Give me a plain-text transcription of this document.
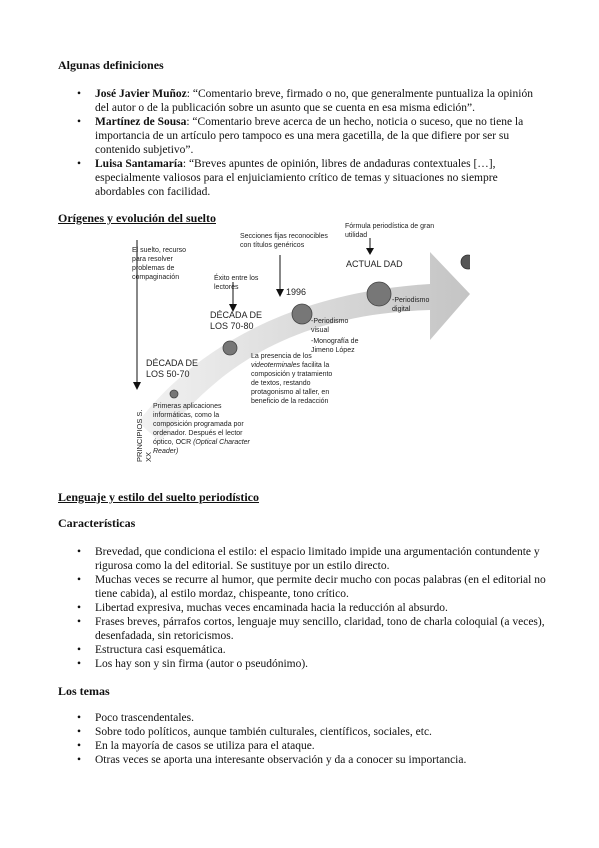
Algunas definiciones
• José Javier Muñoz: “Comentario breve, firmado o no, que generalmente puntualiza la opinión del autor o de la publicación sobre un asunto que se cuenta en esa misma edición”.
• Martínez de Sousa: “Comentario breve acerca de un hecho, noticia o suceso, que no tiene la importancia de un artículo pero tampoco es una mera gacetilla, de la que difiere por ser su contenido subjetivo”.
• Luisa Santamaría: “Breves apuntes de opinión, libres de andaduras contextuales […], especialmente valiosos para el enjuiciamiento crítico de temas y situaciones no siempre abordables con facilidad.
Orígenes y evolución del suelto
PRINCIPIOS S. XX
El suelto, recurso para resolver problemas de compaginación	Éxito entre los lectores
DÉCADA DE LOS 70-80
Secciones fijas reconocibles con títulos genéricos
1996
Fórmula periodística de gran utilidad
ACTUAL DAD
DÉCADA DE LOS 50-70
Primeras aplicaciones informáticas, como la composición programada por ordenador. Después el lector óptico, OCR (Optical Character Reader)
La presencia de los videoterminales facilita la composición y tratamiento de textos, restando protagonismo al taller, en beneficio de la redacción
-Periodismo visual
-Monografía de Jimeno López
-Periodismo digital
Lenguaje y estilo del suelto periodístico
Características
• Brevedad, que condiciona el estilo: el espacio limitado impide una argumentación contundente y rigurosa como la del editorial. Se sustituye por un estilo directo.
• Muchas veces se recurre al humor, que permite decir mucho con pocas palabras (en el editorial no tiene cabida), al estilo mordaz, chispeante, tono crítico.
• Libertad expresiva, muchas veces encaminada hacia la reducción al absurdo.
• Frases breves, párrafos cortos, lenguaje muy sencillo, claridad, tono de charla coloquial (a veces), desenfadada, sin retoricismos.
• Estructura casi esquemática.
• Los hay son y sin firma (autor o pseudónimo).
Los temas
• Poco trascendentales.
• Sobre todo políticos, aunque también culturales, científicos, sociales, etc.
• En la mayoría de casos se utiliza para el ataque.
• Otras veces se aporta una interesante observación y da a conocer su importancia.
